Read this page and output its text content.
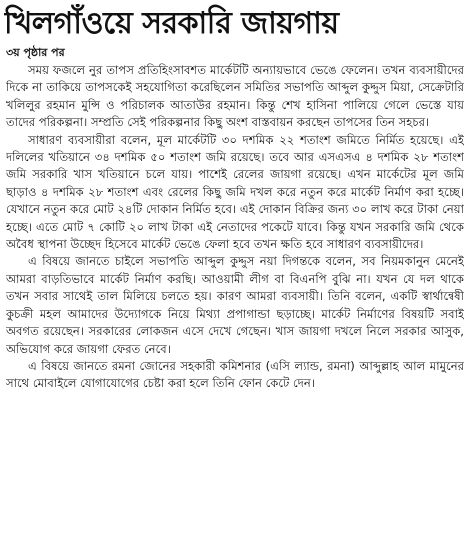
খিলগাঁওয়ে সরকারি জায়গায়
৩য় পৃষ্ঠার পর

সময় ফজলে নুর তাপস প্রতিহিংসাবশত মার্কেটটি অন্যায়ভাবে ভেঙে ফেলেন। তখন ব্যবসায়ীদের দিকে না তাকিয়ে তাপসকেই সহযোগিতা করেছিলেন সমিতির সভাপতি আব্দুল কুদ্দুস মিয়া, সেক্রেটারি খলিলুর রহমান মুন্সি ও পরিচালক আতাউর রহমান। কিন্তু শেখ হাসিনা পালিয়ে গেলে ভেস্তে যায় তাদের পরিকল্পনা। সম্প্রতি সেই পরিকল্পনার কিছু অংশ বাস্তবায়ন করছেন তাপসের তিন সহচর।

সাধারণ ব্যবসায়ীরা বলেন, মূল মার্কেটটি ৩০ দশমিক ২২ শতাংশ জমিতে নির্মিত হয়েছে। এই দলিলের খতিয়ানে ৩৪ দশমিক ৫০ শতাংশ জমি রয়েছে। তবে আর এসএসএ ৪ দশমিক ২৮ শতাংশ জমি সরকারি খাস খতিয়ানে চলে যায়। পাশেই রেলের জায়গা রয়েছে। এখন মার্কেটের মূল জমি ছাড়াও ৪ দশমিক ২৮ শতাংশ এবং রেলের কিছু জমি দখল করে নতুন করে মার্কেট নির্মাণ করা হচ্ছে। যেখানে নতুন করে মোট ২৪টি দোকান নির্মিত হবে। এই দোকান বিক্রির জন্য ৩০ লাখ করে টাকা নেয়া হচ্ছে। এতে মোট ৭ কোটি ২০ লাখ টাকা এই নেতাদের পকেটে যাবে। কিন্তু যখন সরকারি জমি থেকে অবৈধ স্থাপনা উচ্ছেদ হিসেবে মার্কেট ভেঙে ফেলা হবে তখন ক্ষতি হবে সাধারণ ব্যবসায়ীদের।

এ বিষয়ে জানতে চাইলে সভাপতি আব্দুল কুদ্দুস নয়া দিগন্তকে বলেন, সব নিয়মকানুন মেনেই আমরা বাড়তিভাবে মার্কেট নির্মাণ করছি। আওয়ামী লীগ বা বিএনপি বুঝি না। যখন যে দল থাকে তখন সবার সাথেই তাল মিলিয়ে চলতে হয়। কারণ আমরা ব্যবসায়ী। তিনি বলেন, একটি স্বার্থান্বেষী কুচক্রী মহল আমাদের উদ্যোগকে নিয়ে মিথ্যা প্রপাগান্ডা ছড়াচ্ছে। মার্কেট নির্মাণের বিষয়টি সবাই অবগত রয়েছেন। সরকারের লোকজন এসে দেখে গেছেন। খাস জায়গা দখলে নিলে সরকার আসুক, অভিযোগ করে জায়গা ফেরত নেবে।

এ বিষয়ে জানতে রমনা জোনের সহকারী কমিশনার (এসি ল্যান্ড, রমনা) আব্দুল্লাহ আল মামুনের সাথে মোবাইলে যোগাযোগের চেষ্টা করা হলে তিনি ফোন কেটে দেন।
